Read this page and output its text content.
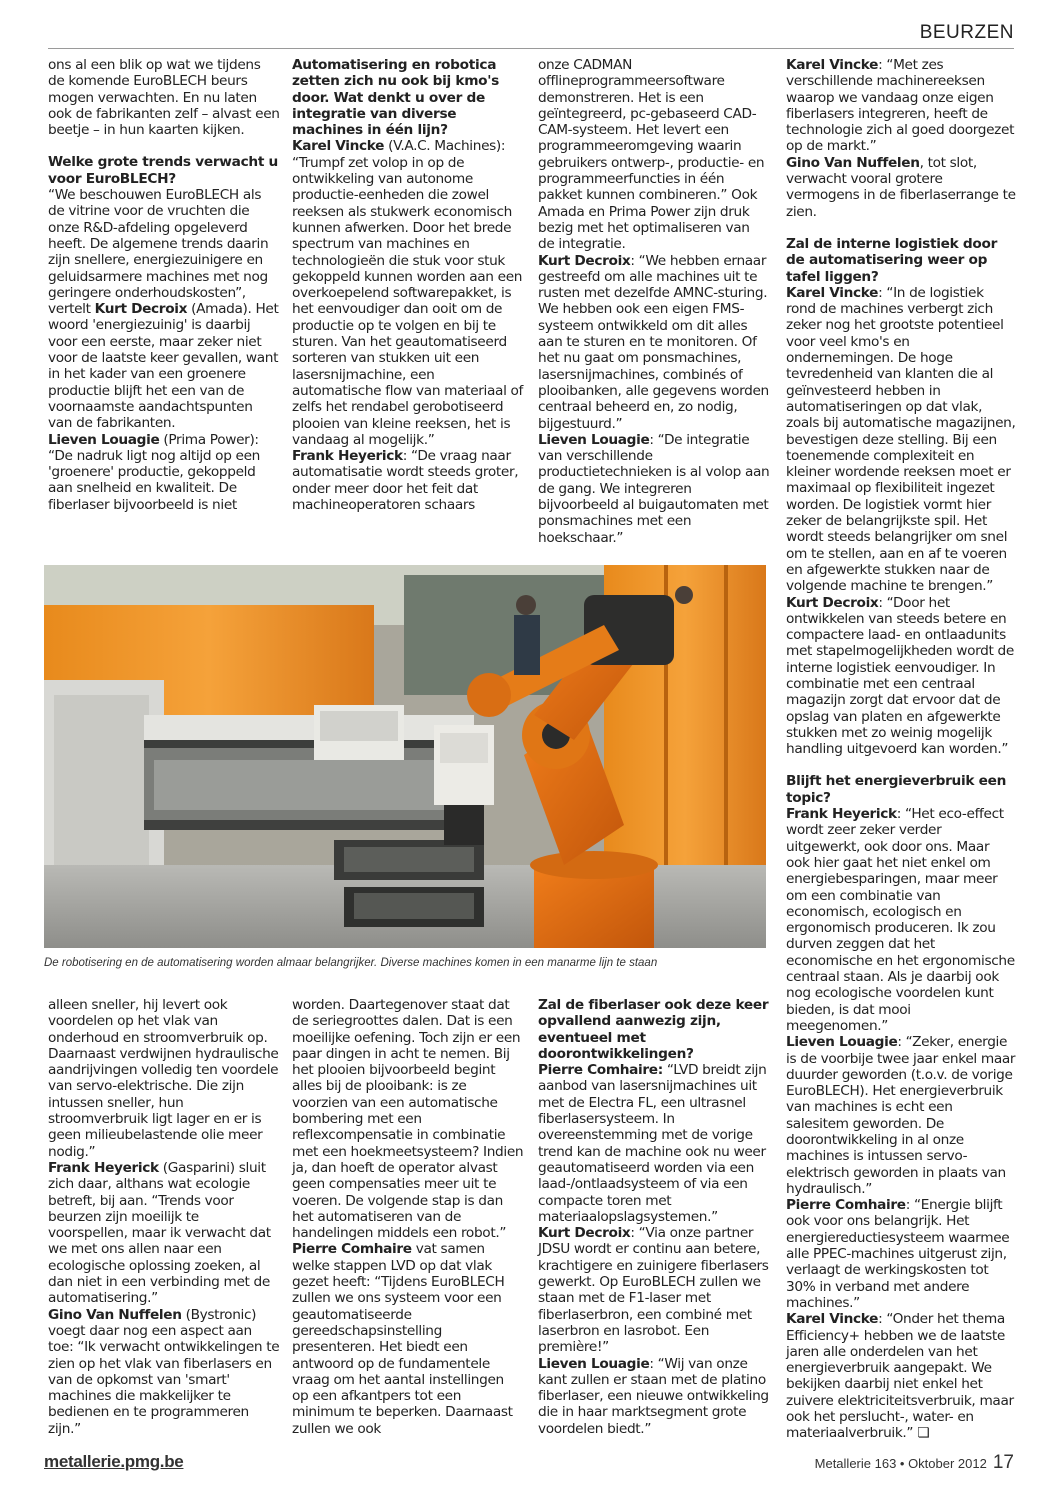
BEURZEN

ons al een blik op wat we tijdens de komende EuroBLECH beurs mogen verwachten. En nu laten ook de fabrikanten zelf – alvast een beetje – in hun kaarten kijken.

Welke grote trends verwacht u voor EuroBLECH?

“We beschouwen EuroBLECH als de vitrine voor de vruchten die onze R&D-afdeling opgeleverd heeft. De algemene trends daarin zijn snellere, energiezuinigere en geluidsarmere machines met nog geringere onderhoudskosten”, vertelt Kurt Decroix (Amada). Het woord 'energiezuinig' is daarbij voor een eerste, maar zeker niet voor de laatste keer gevallen, want in het kader van een groenere productie blijft het een van de voornaamste aandachtspunten van de fabrikanten.

Lieven Louagie (Prima Power): “De nadruk ligt nog altijd op een 'groenere' productie, gekoppeld aan snelheid en kwaliteit. De fiberlaser bijvoorbeeld is niet

Automatisering en robotica zetten zich nu ook bij kmo's door. Wat denkt u over de integratie van diverse machines in één lijn?

Karel Vincke (V.A.C. Machines): “Trumpf zet volop in op de ontwikkeling van autonome productie-eenheden die zowel reeksen als stukwerk economisch kunnen afwerken. Door het brede spectrum van machines en technologieën die stuk voor stuk gekoppeld kunnen worden aan een overkoepelend softwarepakket, is het eenvoudiger dan ooit om de productie op te volgen en bij te sturen. Van het geautomatiseerd sorteren van stukken uit een lasersnijmachine, een automatische flow van materiaal of zelfs het rendabel gerobotiseerd plooien van kleine reeksen, het is vandaag al mogelijk.”

Frank Heyerick: “De vraag naar automatisatie wordt steeds groter, onder meer door het feit dat machineoperatoren schaars

onze CADMAN offlineprogrammeersoftware demonstreren. Het is een geïntegreerd, pc-gebaseerd CAD-CAM-systeem. Het levert een programmeeromgeving waarin gebruikers ontwerp-, productie- en programmeerfuncties in één pakket kunnen combineren.” Ook Amada en Prima Power zijn druk bezig met het optimaliseren van de integratie.

Kurt Decroix: “We hebben ernaar gestreefd om alle machines uit te rusten met dezelfde AMNC-sturing. We hebben ook een eigen FMS-systeem ontwikkeld om dit alles aan te sturen en te monitoren. Of het nu gaat om ponsmachines, lasersnijmachines, combinés of plooibanken, alle gegevens worden centraal beheerd en, zo nodig, bijgestuurd.”

Lieven Louagie: “De integratie van verschillende productietechnieken is al volop aan de gang. We integreren bijvoorbeeld al buigautomaten met ponsmachines met een hoekschaar.”

Karel Vincke: “Met zes verschillende machinereeksen waarop we vandaag onze eigen fiberlasers integreren, heeft de technologie zich al goed doorgezet op de markt.”

Gino Van Nuffelen, tot slot, verwacht vooral grotere vermogens in de fiberlaserrange te zien.

Zal de interne logistiek door de automatisering weer op tafel liggen?

Karel Vincke: “In de logistiek rond de machines verbergt zich zeker nog het grootste potentieel voor veel kmo's en ondernemingen. De hoge tevredenheid van klanten die al geïnvesteerd hebben in automatiseringen op dat vlak, zoals bij automatische magazijnen, bevestigen deze stelling. Bij een toenemende complexiteit en kleiner wordende reeksen moet er maximaal op flexibiliteit ingezet worden. De logistiek vormt hier zeker de belangrijkste spil. Het wordt steeds belangrijker om snel om te stellen, aan en af te voeren en afgewerkte stukken naar de volgende machine te brengen.”

Kurt Decroix: “Door het ontwikkelen van steeds betere en compactere laad- en ontlaadunits met stapelmogelijkheden wordt de interne logistiek eenvoudiger. In combinatie met een centraal magazijn zorgt dat ervoor dat de opslag van platen en afgewerkte stukken met zo weinig mogelijk handling uitgevoerd kan worden.”

Blijft het energieverbruik een topic?

Frank Heyerick: “Het eco-effect wordt zeer zeker verder uitgewerkt, ook door ons. Maar ook hier gaat het niet enkel om energiebesparingen, maar meer om een combinatie van economisch, ecologisch en ergonomisch produceren. Ik zou durven zeggen dat het economische en het ergonomische centraal staan. Als je daarbij ook nog ecologische voordelen kunt bieden, is dat mooi meegenomen.”

Lieven Louagie: “Zeker, energie is de voorbije twee jaar enkel maar duurder geworden (t.o.v. de vorige EuroBLECH). Het energieverbruik van machines is echt een salesitem geworden. De doorontwikkeling in al onze machines is intussen servo-elektrisch geworden in plaats van hydraulisch.”

Pierre Comhaire: “Energie blijft ook voor ons belangrijk. Het energiereductiesysteem waarmee alle PPEC-machines uitgerust zijn, verlaagt de werkingskosten tot 30% in verband met andere machines.”

Karel Vincke: “Onder het thema Efficiency+ hebben we de laatste jaren alle onderdelen van het energieverbruik aangepakt. We bekijken daarbij niet enkel het zuivere elektriciteitsverbruik, maar ook het perslucht-, water- en materiaalverbruik.” ❏

De robotisering en de automatisering worden almaar belangrijker. Diverse machines komen in een manarme lijn te staan

alleen sneller, hij levert ook voordelen op het vlak van onderhoud en stroomverbruik op. Daarnaast verdwijnen hydraulische aandrijvingen volledig ten voordele van servo-elektrische. Die zijn intussen sneller, hun stroomverbruik ligt lager en er is geen milieubelastende olie meer nodig.”

Frank Heyerick (Gasparini) sluit zich daar, althans wat ecologie betreft, bij aan. “Trends voor beurzen zijn moeilijk te voorspellen, maar ik verwacht dat we met ons allen naar een ecologische oplossing zoeken, al dan niet in een verbinding met de automatisering.”

Gino Van Nuffelen (Bystronic) voegt daar nog een aspect aan toe: “Ik verwacht ontwikkelingen te zien op het vlak van fiberlasers en van de opkomst van 'smart' machines die makkelijker te bedienen en te programmeren zijn.”

worden. Daartegenover staat dat de seriegroottes dalen. Dat is een moeilijke oefening. Toch zijn er een paar dingen in acht te nemen. Bij het plooien bijvoorbeeld begint alles bij de plooibank: is ze voorzien van een automatische bombering met een reflexcompensatie in combinatie met een hoekmeetsysteem? Indien ja, dan hoeft de operator alvast geen compensaties meer uit te voeren. De volgende stap is dan het automatiseren van de handelingen middels een robot.”

Pierre Comhaire vat samen welke stappen LVD op dat vlak gezet heeft: “Tijdens EuroBLECH zullen we ons systeem voor een geautomatiseerde gereedschapsinstelling presenteren. Het biedt een antwoord op de fundamentele vraag om het aantal instellingen op een afkantpers tot een minimum te beperken. Daarnaast zullen we ook

Zal de fiberlaser ook deze keer opvallend aanwezig zijn, eventueel met doorontwikkelingen?

Pierre Comhaire: “LVD breidt zijn aanbod van lasersnijmachines uit met de Electra FL, een ultrasnel fiberlasersysteem. In overeenstemming met de vorige trend kan de machine ook nu weer geautomatiseerd worden via een laad-/ontlaadsysteem of via een compacte toren met materiaalopslagsystemen.”

Kurt Decroix: “Via onze partner JDSU wordt er continu aan betere, krachtigere en zuinigere fiberlasers gewerkt. Op EuroBLECH zullen we staan met de F1-laser met fiberlaserbron, een combiné met laserbron en lasrobot. Een première!”

Lieven Louagie: “Wij van onze kant zullen er staan met de platino fiberlaser, een nieuwe ontwikkeling die in haar marktsegment grote voordelen biedt.”

metallerie.pmg.be	Metallerie 163 • Oktober 2012 17
